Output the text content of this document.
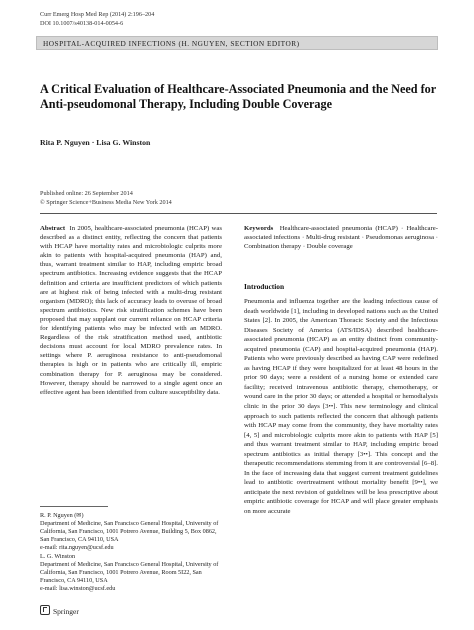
Curr Emerg Hosp Med Rep (2014) 2:196–204
DOI 10.1007/s40138-014-0054-6
HOSPITAL-ACQUIRED INFECTIONS (H. NGUYEN, SECTION EDITOR)
A Critical Evaluation of Healthcare-Associated Pneumonia and the Need for Anti-pseudomonal Therapy, Including Double Coverage
Rita P. Nguyen · Lisa G. Winston
Published online: 26 September 2014
© Springer Science+Business Media New York 2014
Abstract In 2005, healthcare-associated pneumonia (HCAP) was described as a distinct entity, reflecting the concern that patients with HCAP have mortality rates and microbiologic culprits more akin to patients with hospital-acquired pneumonia (HAP) and, thus, warrant treatment similar to HAP, including empiric broad spectrum antibiotics. Increasing evidence suggests that the HCAP definition and criteria are insufficient predictors of which patients are at highest risk of being infected with a multi-drug resistant organism (MDRO); this lack of accuracy leads to overuse of broad spectrum antibiotics. New risk stratification schemes have been proposed that may supplant our current reliance on HCAP criteria for identifying patients who may be infected with an MDRO. Regardless of the risk stratification method used, antibiotic decisions must account for local MDRO prevalence rates. In settings where P. aeruginosa resistance to anti-pseudomonal therapies is high or in patients who are critically ill, empiric combination therapy for P. aeruginosa may be considered. However, therapy should be narrowed to a single agent once an effective agent has been identified from culture susceptibility data.

Keywords Healthcare-associated pneumonia (HCAP) · Healthcare-associated infections · Multi-drug resistant · Pseudomonas aeruginosa · Combination therapy · Double coverage

Introduction
Pneumonia and influenza together are the leading infectious cause of death worldwide [1], including in developed nations such as the United States [2]. In 2005, the American Thoracic Society and the Infectious Diseases Society of America (ATS/IDSA) described healthcare-associated pneumonia (HCAP) as an entity distinct from community-acquired pneumonia (CAP) and hospital-acquired pneumonia (HAP). Patients who were previously described as having CAP were redefined as having HCAP if they were hospitalized for at least 48 hours in the prior 90 days; were a resident of a nursing home or extended care facility; received intravenous antibiotic therapy, chemotherapy, or wound care in the prior 30 days; or attended a hospital or hemodialysis clinic in the prior 30 days [3••]. This new terminology and clinical approach to such patients reflected the concern that although patients with HCAP may come from the community, they have mortality rates [4, 5] and microbiologic culprits more akin to patients with HAP [5] and thus warrant treatment similar to HAP, including empiric broad spectrum antibiotics as initial therapy [3••]. This concept and the therapeutic recommendations stemming from it are controversial [6–8]. In the face of increasing data that suggest current treatment guidelines lead to antibiotic overtreatment without mortality benefit [9••], we anticipate the next revision of guidelines will be less prescriptive about empiric antibiotic coverage for HCAP and will place greater emphasis on more accurate
R. P. Nguyen (✉)
Department of Medicine, San Francisco General Hospital, University of California, San Francisco, 1001 Potrero Avenue, Building 5, Box 0862, San Francisco, CA 94110, USA
e-mail: rita.nguyen@ucsf.edu
L. G. Winston
Department of Medicine, San Francisco General Hospital, University of California, San Francisco, 1001 Potrero Avenue, Room 5I22, San Francisco, CA 94110, USA
e-mail: lisa.winston@ucsf.edu
Springer
